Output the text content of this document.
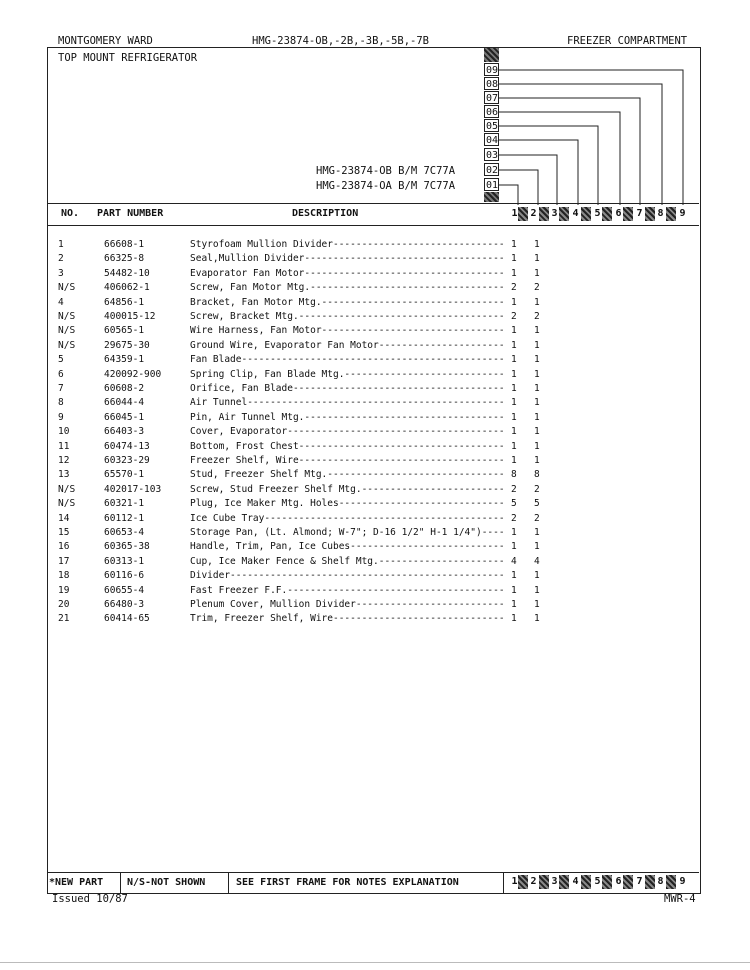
MONTGOMERY WARD	HMG-23874-OB,-2B,-3B,-5B,-7B	FREEZER COMPARTMENT
TOP MOUNT REFRIGERATOR
09
08
07
06
05
04
03
02
01
HMG-23874-OB B/M 7C77A
HMG-23874-OA B/M 7C77A
NO. PART NUMBER	DESCRIPTION	1 2 3 4 5 6 7 8 9
1	66608-1	Styrofoam Mullion Divider------------------------------ 1 1
2	66325-8	Seal,Mullion Divider----------------------------------- 1 1
3	54482-10	Evaporator Fan Motor----------------------------------- 1 1
N/S	406062-1	Screw, Fan Motor Mtg.---------------------------------- 2 2
4	64856-1	Bracket, Fan Motor Mtg.-------------------------------- 1 1
N/S	400015-12	Screw, Bracket Mtg.------------------------------------ 2 2
N/S	60565-1	Wire Harness, Fan Motor-------------------------------- 1 1
N/S	29675-30	Ground Wire, Evaporator Fan Motor---------------------- 1 1
5	64359-1	Fan Blade---------------------------------------------- 1 1
6	420092-900	Spring Clip, Fan Blade Mtg.---------------------------- 1 1
7	60608-2	Orifice, Fan Blade------------------------------------- 1 1
8	66044-4	Air Tunnel--------------------------------------------- 1 1
9	66045-1	Pin, Air Tunnel Mtg.----------------------------------- 1 1
10	66403-3	Cover, Evaporator-------------------------------------- 1 1
11	60474-13	Bottom, Frost Chest------------------------------------ 1 1
12	60323-29	Freezer Shelf, Wire------------------------------------ 1 1
13	65570-1	Stud, Freezer Shelf Mtg.------------------------------- 8 8
N/S	402017-103	Screw, Stud Freezer Shelf Mtg.------------------------- 2 2
N/S	60321-1	Plug, Ice Maker Mtg. Holes----------------------------- 5 5
14	60112-1	Ice Cube Tray------------------------------------------ 2 2
15	60653-4	Storage Pan, (Lt. Almond; W-7"; D-16 1/2" H-1 1/4")---- 1 1
16	60365-38	Handle, Trim, Pan, Ice Cubes--------------------------- 1 1
17	60313-1	Cup, Ice Maker Fence & Shelf Mtg.---------------------- 4 4
18	60116-6	Divider------------------------------------------------ 1 1
19	60655-4	Fast Freezer F.F.-------------------------------------- 1 1
20	66480-3	Plenum Cover, Mullion Divider-------------------------- 1 1
21	60414-65	Trim, Freezer Shelf, Wire------------------------------ 1 1
*NEW PART N/S-NOT SHOWN	SEE FIRST FRAME FOR NOTES EXPLANATION	1 2 3 4 5 6 7 8 9
Issued 10/87	MWR-4
